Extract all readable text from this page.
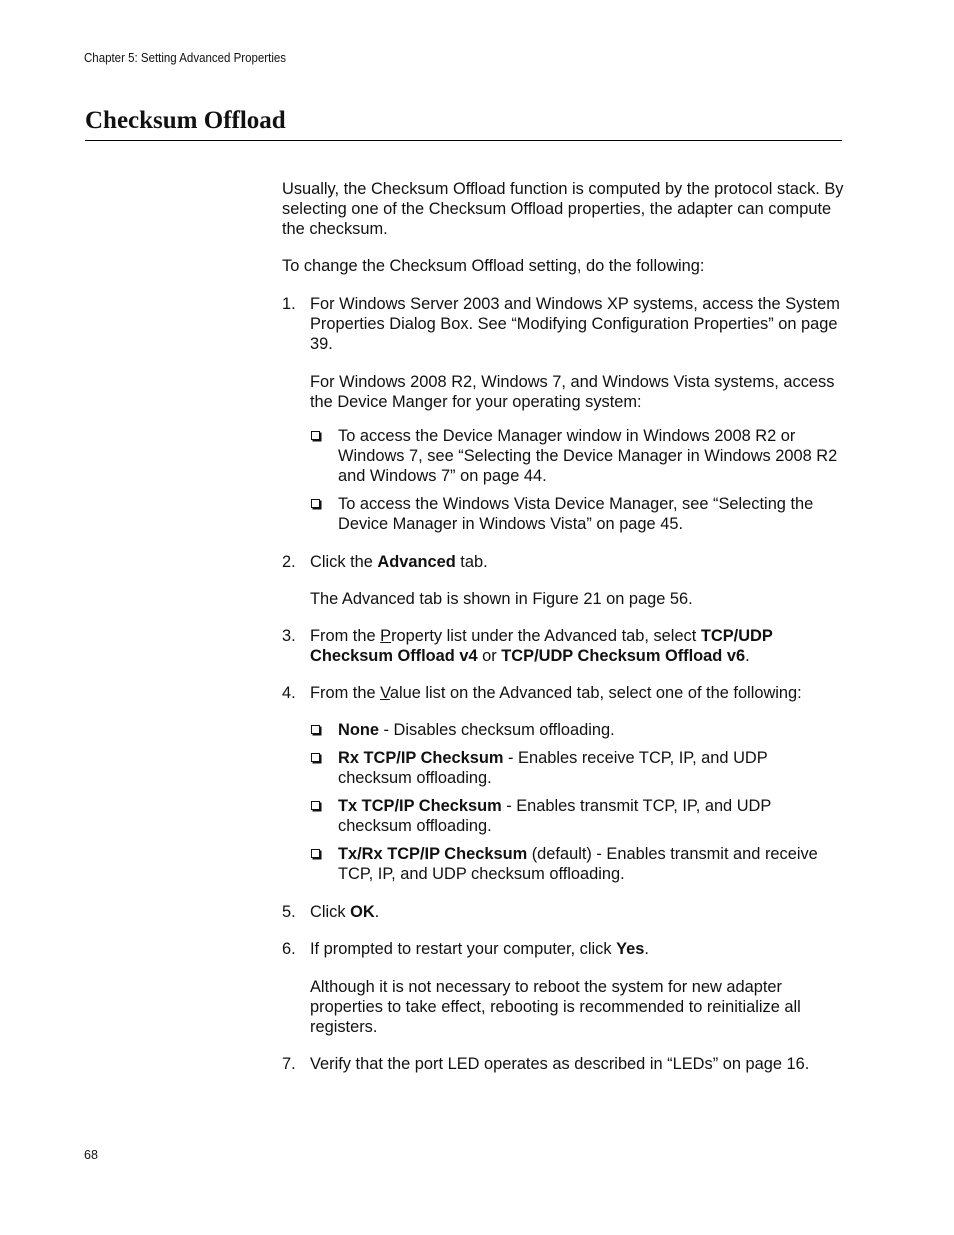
Chapter 5: Setting Advanced Properties
Checksum Offload

Usually, the Checksum Offload function is computed by the protocol stack. By selecting one of the Checksum Offload properties, the adapter can compute the checksum.

To change the Checksum Offload setting, do the following:

1. For Windows Server 2003 and Windows XP systems, access the System Properties Dialog Box. See “Modifying Configuration Properties” on page 39.

For Windows 2008 R2, Windows 7, and Windows Vista systems, access the Device Manger for your operating system:

To access the Device Manager window in Windows 2008 R2 or Windows 7, see “Selecting the Device Manager in Windows 2008 R2 and Windows 7” on page 44.
To access the Windows Vista Device Manager, see “Selecting the Device Manager in Windows Vista” on page 45.
2. Click the Advanced tab.

The Advanced tab is shown in Figure 21 on page 56.

3. From the Property list under the Advanced tab, select TCP/UDP Checksum Offload v4 or TCP/UDP Checksum Offload v6.

4. From the Value list on the Advanced tab, select one of the following:

None - Disables checksum offloading.
Rx TCP/IP Checksum - Enables receive TCP, IP, and UDP checksum offloading.
Tx TCP/IP Checksum - Enables transmit TCP, IP, and UDP checksum offloading.
Tx/Rx TCP/IP Checksum (default) - Enables transmit and receive TCP, IP, and UDP checksum offloading.
5. Click OK.

6. If prompted to restart your computer, click Yes.

Although it is not necessary to reboot the system for new adapter properties to take effect, rebooting is recommended to reinitialize all registers.

7. Verify that the port LED operates as described in “LEDs” on page 16.

68
